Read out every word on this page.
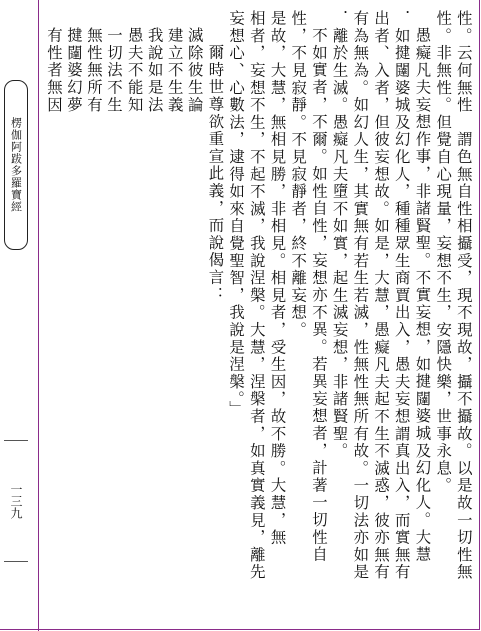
楞伽阿跋多羅寶經
一三九	性。云何無性　謂色無自性相攝受，現不現故，攝不攝故。以是故一切性無
性。非無性。但覺自心現量，妄想不生，安隱快樂，世事永息。
愚癡凡夫妄想作事，非諸賢聖。不實妄想，如揵闥婆城及幻化人。大慧
．如揵闥婆城及幻化人，種種眾生商賈出入，愚夫妄想謂真出入，而實無有
出者、入者，但彼妄想故。如是，大慧，愚癡凡夫起不生不滅惑，彼亦無有
有為無為。如幻人生，其實無有若生若滅，性無性無所有故。一切法亦如是
．離於生滅。愚癡凡夫墮不如實，起生滅妄想，非諸賢聖。
不如實者，不爾。如性自性，妄想亦不異。若異妄想者，計著一切性自
性，不見寂靜。不見寂靜者，終不離妄想。
是故，大慧，無相見勝，非相見。相見者，受生因，故不勝。大慧，無
相者，妄想不生，不起不滅，我說涅槃。大慧，涅槃者，如真實義見，離先
妄想心、心數法，逮得如來自覺聖智，我說是涅槃。」
爾時世尊欲重宣此義，而說偈言：
滅除彼生論
建立不生義
我說如是法
愚夫不能知
一切法不生
無性無所有
揵闥婆幻夢
有性者無因
